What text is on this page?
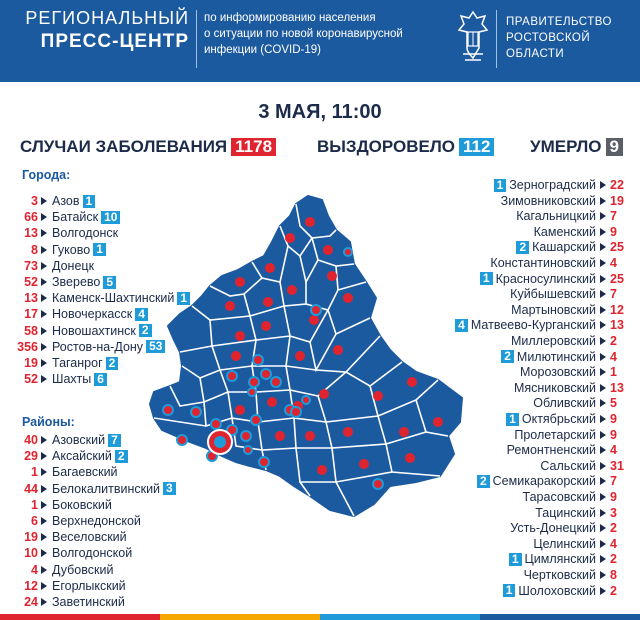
РЕГИОНАЛЬНЫЙ
ПРЕСС-ЦЕНТР
по информированию населения
о ситуации по новой коронавирусной
инфекции (COVID-19)
ПРАВИТЕЛЬСТВО
РОСТОВСКОЙ
ОБЛАСТИ
3 МАЯ, 11:00
СЛУЧАИ ЗАБОЛЕВАНИЯ 1178	ВЫЗДОРОВЕЛО 112 УМЕРЛО 9
Города:
Районы:
3 Азов 1
66 Батайск 10
13 Волгодонск
8 Гуково 1
73 Донецк
52 Зверево 5
13 Каменск-Шахтинский 1
17 Новочеркасск 4
58 Новошахтинск 2
356 Ростов-на-Дону 53
19 Таганрог 2
52 Шахты 6
40 Азовский 7
29 Аксайский 2
1 Багаевский
44 Белокалитвинский 3
1 Боковский
6 Верхнедонской
19 Веселовский
10 Волгодонской
4 Дубовский
12 Егорлыкский
24 Заветинский
1 Зерноградский 22
Зимовниковский 19
Кагальницкий 7
Каменский 9
2 Кашарский 25
Константиновский 4
1 Красносулинский 25
Куйбышевский 7
Мартыновский 12
4 Матвеево-Курганский 13
Миллеровский 2
2 Милютинский 4
Морозовский 1
Мясниковский 13
Обливский 5
1 Октябрьский 9
Пролетарский 9
Ремонтненский 4
Сальский 31
2 Семикаракорский 7
Тарасовский 9
Тацинский 3
Усть-Донецкий 2
Целинский 4
1 Цимлянский 2
Чертковский 8
1 Шолоховский 2
